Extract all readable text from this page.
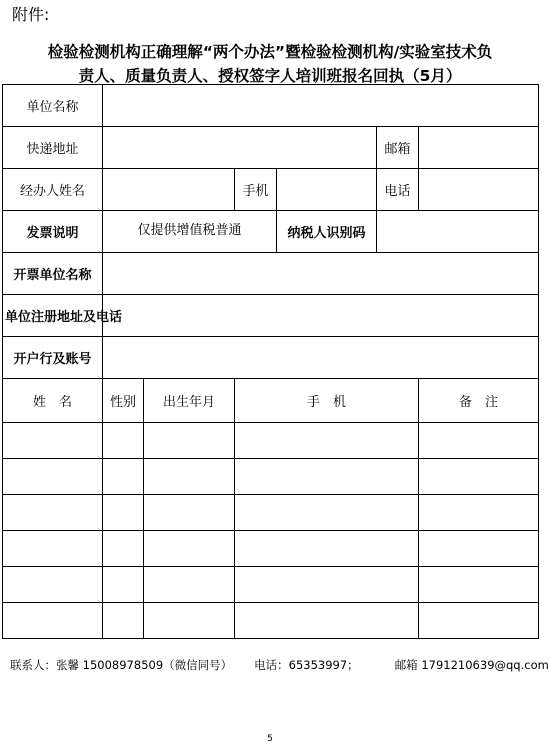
附件:
检验检测机构正确理解“两个办法”暨检验检测机构/实验室技术负
责人、质量负责人、授权签字人培训班报名回执（5月）
单位名称						
快递地址					邮箱	
经办人姓名			手机		电话	
发票说明	仅提供增值税普通			纳税人识别码		
开票单位名称						
单位注册地址及电话						
开户行及账号						
姓　名	性别	出生年月	手　机			备　注

联系人：张馨 15008978509（微信同号） 电话：65353997；	邮箱 1791210639@qq.com
5
